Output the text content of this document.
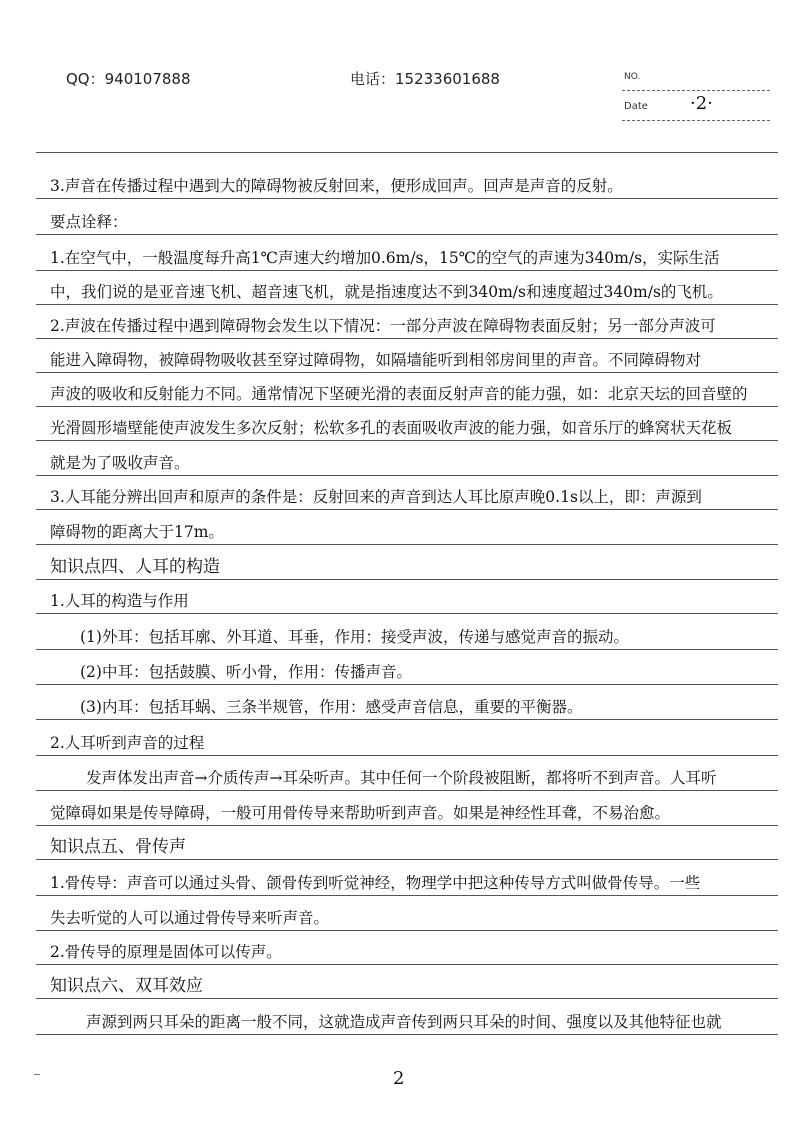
QQ：940107888	电话：15233601688	NO.
Date ·2·
3.声音在传播过程中遇到大的障碍物被反射回来，便形成回声。回声是声音的反射。
要点诠释：
1.在空气中，一般温度每升高1℃声速大约增加0.6m/s，15℃的空气的声速为340m/s，实际生活
中，我们说的是亚音速飞机、超音速飞机，就是指速度达不到340m/s和速度超过340m/s的飞机。
2.声波在传播过程中遇到障碍物会发生以下情况：一部分声波在障碍物表面反射；另一部分声波可
能进入障碍物，被障碍物吸收甚至穿过障碍物，如隔墙能听到相邻房间里的声音。不同障碍物对
声波的吸收和反射能力不同。通常情况下坚硬光滑的表面反射声音的能力强，如：北京天坛的回音壁的
光滑圆形墙壁能使声波发生多次反射；松软多孔的表面吸收声波的能力强，如音乐厅的蜂窝状天花板
就是为了吸收声音。
3.人耳能分辨出回声和原声的条件是：反射回来的声音到达人耳比原声晚0.1s以上，即：声源到
障碍物的距离大于17m。
知识点四、人耳的构造
1.人耳的构造与作用
(1)外耳：包括耳廓、外耳道、耳垂，作用：接受声波，传递与感觉声音的振动。
(2)中耳：包括鼓膜、听小骨，作用：传播声音。
(3)内耳：包括耳蜗、三条半规管，作用：感受声音信息，重要的平衡器。
2.人耳听到声音的过程
发声体发出声音→介质传声→耳朵听声。其中任何一个阶段被阻断，都将听不到声音。人耳听
觉障碍如果是传导障碍，一般可用骨传导来帮助听到声音。如果是神经性耳聋，不易治愈。
知识点五、骨传声
1.骨传导：声音可以通过头骨、颌骨传到听觉神经，物理学中把这种传导方式叫做骨传导。一些
失去听觉的人可以通过骨传导来听声音。
2.骨传导的原理是固体可以传声。
知识点六、双耳效应
声源到两只耳朵的距离一般不同，这就造成声音传到两只耳朵的时间、强度以及其他特征也就
2
